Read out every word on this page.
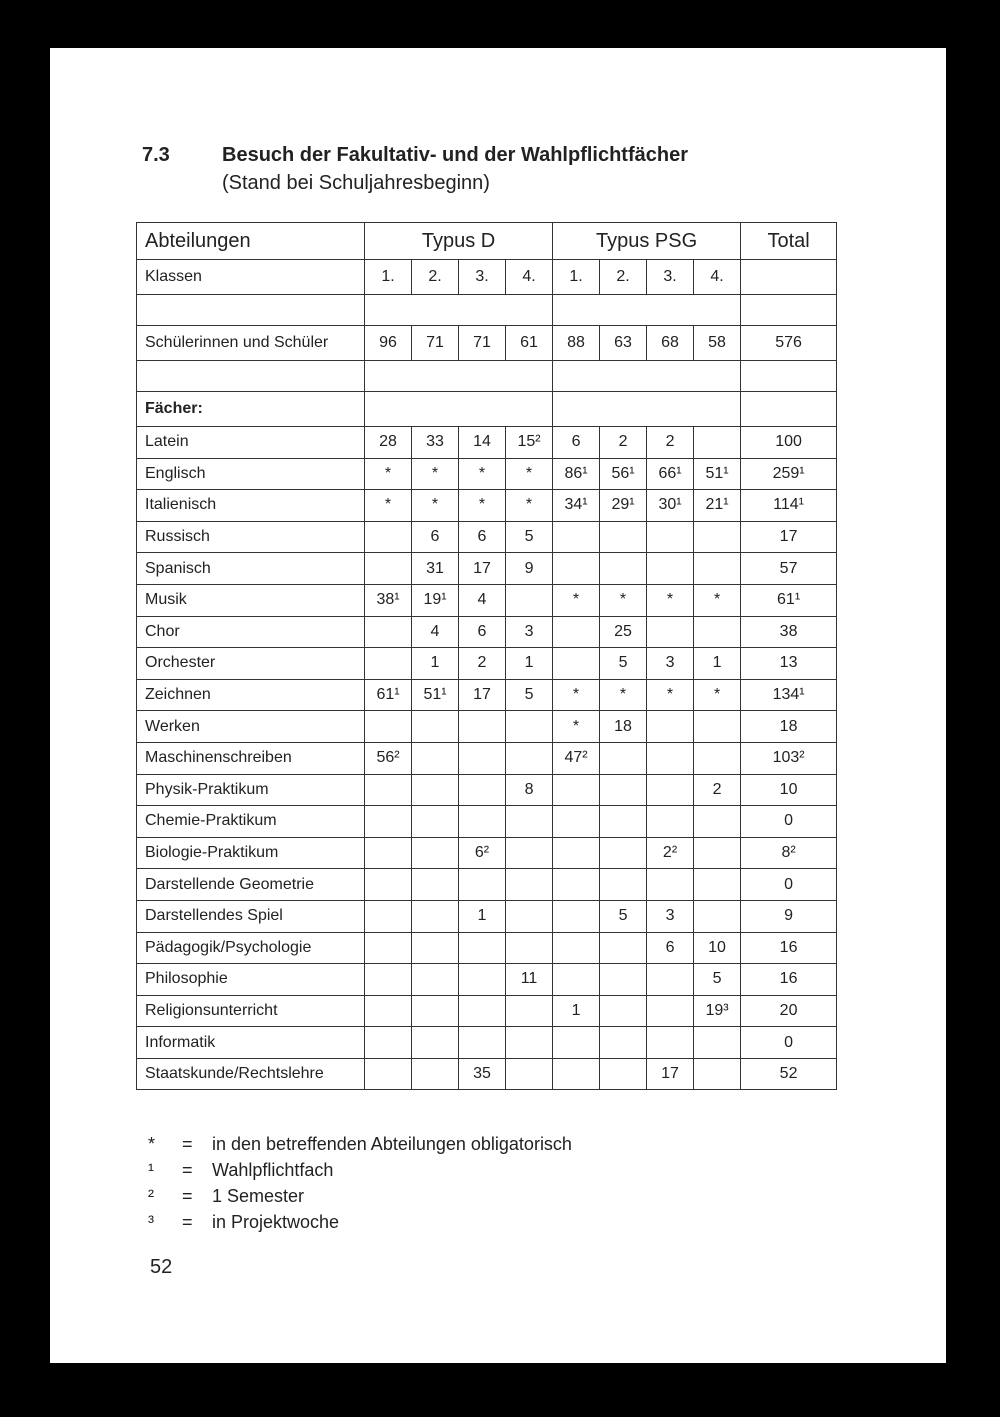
7.3	Besuch der Fakultativ- und der Wahlpflichtfächer
(Stand bei Schuljahresbeginn)
Abteilungen	Typus D				Typus PSG				Total
Klassen	1.	2.	3.	4.	1.	2.	3.	4.	

Schülerinnen und Schüler	96	71	71	61	88	63	68	58	576

Fächer:									
Latein	28	33	14	15²	6	2	2		100
Englisch	*	*	*	*	86¹	56¹	66¹	51¹	259¹
Italienisch	*	*	*	*	34¹	29¹	30¹	21¹	114¹
Russisch		6	6	5					17
Spanisch		31	17	9					57
Musik	38¹	19¹	4		*	*	*	*	61¹
Chor		4	6	3		25			38
Orchester		1	2	1		5	3	1	13
Zeichnen	61¹	51¹	17	5	*	*	*	*	134¹
Werken					*	18			18
Maschinenschreiben	56²				47²				103²
Physik-Praktikum				8				2	10
Chemie-Praktikum									0
Biologie-Praktikum			6²				2²		8²
Darstellende Geometrie									0
Darstellendes Spiel			1			5	3		9
Pädagogik/Psychologie							6	10	16
Philosophie				11				5	16
Religionsunterricht					1			19³	20
Informatik									0
Staatskunde/Rechtslehre			35				17		52
* = in den betreffenden Abteilungen obligatorisch
¹ = Wahlpflichtfach
² = 1 Semester
³ = in Projektwoche
52
